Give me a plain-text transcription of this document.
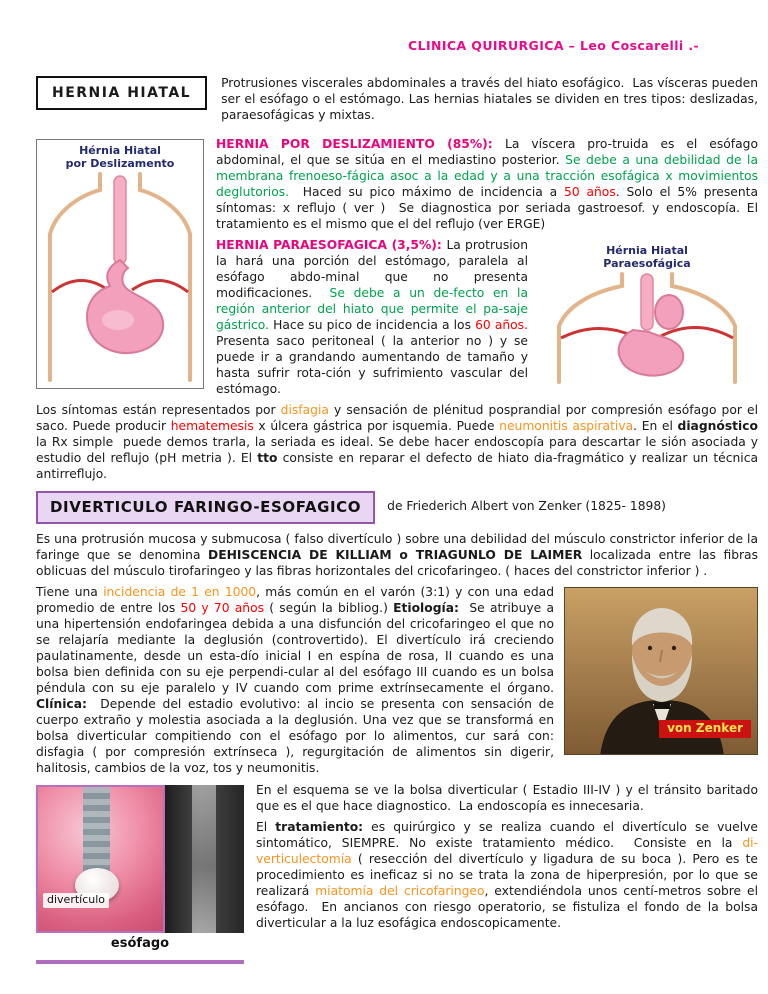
CLINICA QUIRURGICA – Leo Coscarelli .-
HERNIA HIATAL

Protrusiones viscerales abdominales a través del hiato esofágico.  Las vísceras pueden ser el esófago o el estómago. Las hernias hiatales se dividen en tres tipos: deslizadas, paraesofágicas y mixtas.

Hérnia Hiatal
por Deslizamento

HERNIA POR DESLIZAMIENTO (85%): La víscera pro-truida es el esófago abdominal, el que se sitúa en el mediastino posterior. Se debe a una debilidad de la membrana frenoeso-fágica asoc a la edad y a una tracción esofágica x movimientos deglutorios.  Haced su pico máximo de incidencia a 50 años. Solo el 5% presenta síntomas: x reflujo ( ver )  Se diagnostica por seriada gastroesof. y endoscopía. El tratamiento es el mismo que el del reflujo (ver ERGE)

Hérnia Hiatal
Paraesofágica

HERNIA PARAESOFAGICA (3,5%): La protrusion la hará una porción del estómago, paralela al esófago abdo-minal que no presenta modificaciones.  Se debe a un de-fecto en la región anterior del hiato que permite el pa-saje gástrico. Hace su pico de incidencia a los 60 años. Presenta saco peritoneal ( la anterior no ) y se puede ir a grandando aumentando de tamaño y hasta sufrir rota-ción y sufrimiento vascular del estómago.

Los síntomas están representados por disfagia y sensación de plénitud posprandial por compresión esófago por el saco. Puede producir hematemesis x úlcera gástrica por isquemia. Puede neumonitis aspirativa. En el diagnóstico la Rx simple  puede demos trarla, la seriada es ideal. Se debe hacer endoscopía para descartar le sión asociada y estudio del reflujo (pH metria ). El tto consiste en reparar el defecto de hiato dia-fragmático y realizar un técnica antirreflujo.

DIVERTICULO FARINGO-ESOFAGICO	de Friederich Albert von Zenker (1825- 1898)

Es una protrusión mucosa y submucosa ( falso divertículo ) sobre una debilidad del músculo constrictor inferior de la faringe que se denomina DEHISCENCIA DE KILLIAM o TRIAGUNLO DE LAIMER localizada entre las fibras oblicuas del músculo tirofaringeo y las fibras horizontales del cricofaringeo. ( haces del constrictor inferior ) .

von Zenker

Tiene una incidencia de 1 en 1000, más común en el varón (3:1) y con una edad promedio de entre los 50 y 70 años ( según la bibliog.) Etiología:  Se atribuye a una hipertensión endofaringea debida a una disfunción del cricofaringeo el que no se relajaría mediante la deglusión (controvertido). El divertículo irá creciendo paulatinamente, desde un esta-dío inicial I en espína de rosa, II cuando es una bolsa bien definida con su eje perpendi-cular al del esófago III cuando es un bolsa péndula con su eje paralelo y IV cuando com prime extrínsecamente el órgano.  Clínica:  Depende del estadio evolutivo: al incio se presenta con sensación de cuerpo extraño y molestia asociada a la deglusión. Una vez que se transformá en bolsa diverticular compitiendo con el esófago por lo alimentos, cur sará con:  disfagia ( por compresión extrínseca ), regurgitación de alimentos sin digerir, halitosis, cambios de la voz, tos y neumonitis.

divertículo
esófago

En el esquema se ve la bolsa diverticular ( Estadio III-IV ) y el tránsito baritado que es el que hace diagnostico.  La endoscopía es innecesaria.

El tratamiento: es quirúrgico y se realiza cuando el divertículo se vuelve sintomático, SIEMPRE. No existe tratamiento médico.  Consiste en la di-verticulectomía ( resección del divertículo y ligadura de su boca ). Pero es te procedimiento es ineficaz si no se trata la zona de hiperpresión, por lo que se realizará miatomía del cricofaringeo, extendiéndola unos centí-metros sobre el esófago.  En ancianos con riesgo operatorio, se fistuliza el fondo de la bolsa diverticular a la luz esofágica endoscopicamente.
